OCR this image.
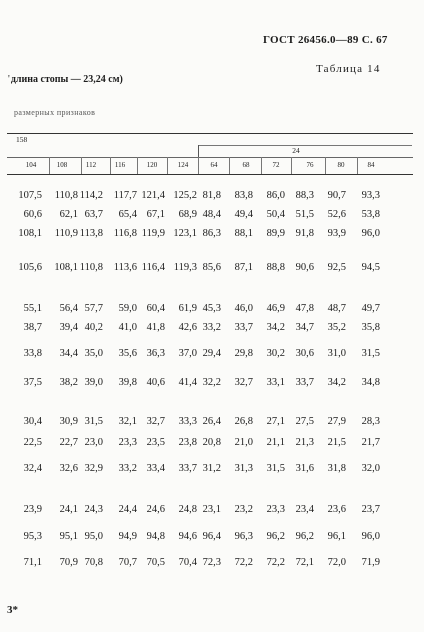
ГОСТ 26456.0—89 С. 67
Таблица 14
'длина стопы — 23,24 см)
размерных признаков
158
24
104	108	112	116	120	124	64	68	72	76	80	84
107,5 110,8 114,2 117,7 121,4 125,2 81,8 83,8 86,0 88,3 90,7 93,3
60,6 62,1 63,7 65,4 67,1 68,9 48,4 49,4 50,4 51,5 52,6 53,8
108,1 110,9 113,8 116,8 119,9 123,1 86,3 88,1 89,9 91,8 93,9 96,0
105,6 108,1 110,8 113,6 116,4 119,3 85,6 87,1 88,8 90,6 92,5 94,5
55,1 56,4 57,7 59,0 60,4 61,9 45,3 46,0 46,9 47,8 48,7 49,7
38,7 39,4 40,2 41,0 41,8 42,6 33,2 33,7 34,2 34,7 35,2 35,8
33,8 34,4 35,0 35,6 36,3 37,0 29,4 29,8 30,2 30,6 31,0 31,5
37,5 38,2 39,0 39,8 40,6 41,4 32,2 32,7 33,1 33,7 34,2 34,8
30,4 30,9 31,5 32,1 32,7 33,3 26,4 26,8 27,1 27,5 27,9 28,3
22,5 22,7 23,0 23,3 23,5 23,8 20,8 21,0 21,1 21,3 21,5 21,7
32,4 32,6 32,9 33,2 33,4 33,7 31,2 31,3 31,5 31,6 31,8 32,0
23,9 24,1 24,3 24,4 24,6 24,8 23,1 23,2 23,3 23,4 23,6 23,7
95,3 95,1 95,0 94,9 94,8 94,6 96,4 96,3 96,2 96,2 96,1 96,0
71,1 70,9 70,8 70,7 70,5 70,4 72,3 72,2 72,2 72,1 72,0 71,9
3*
